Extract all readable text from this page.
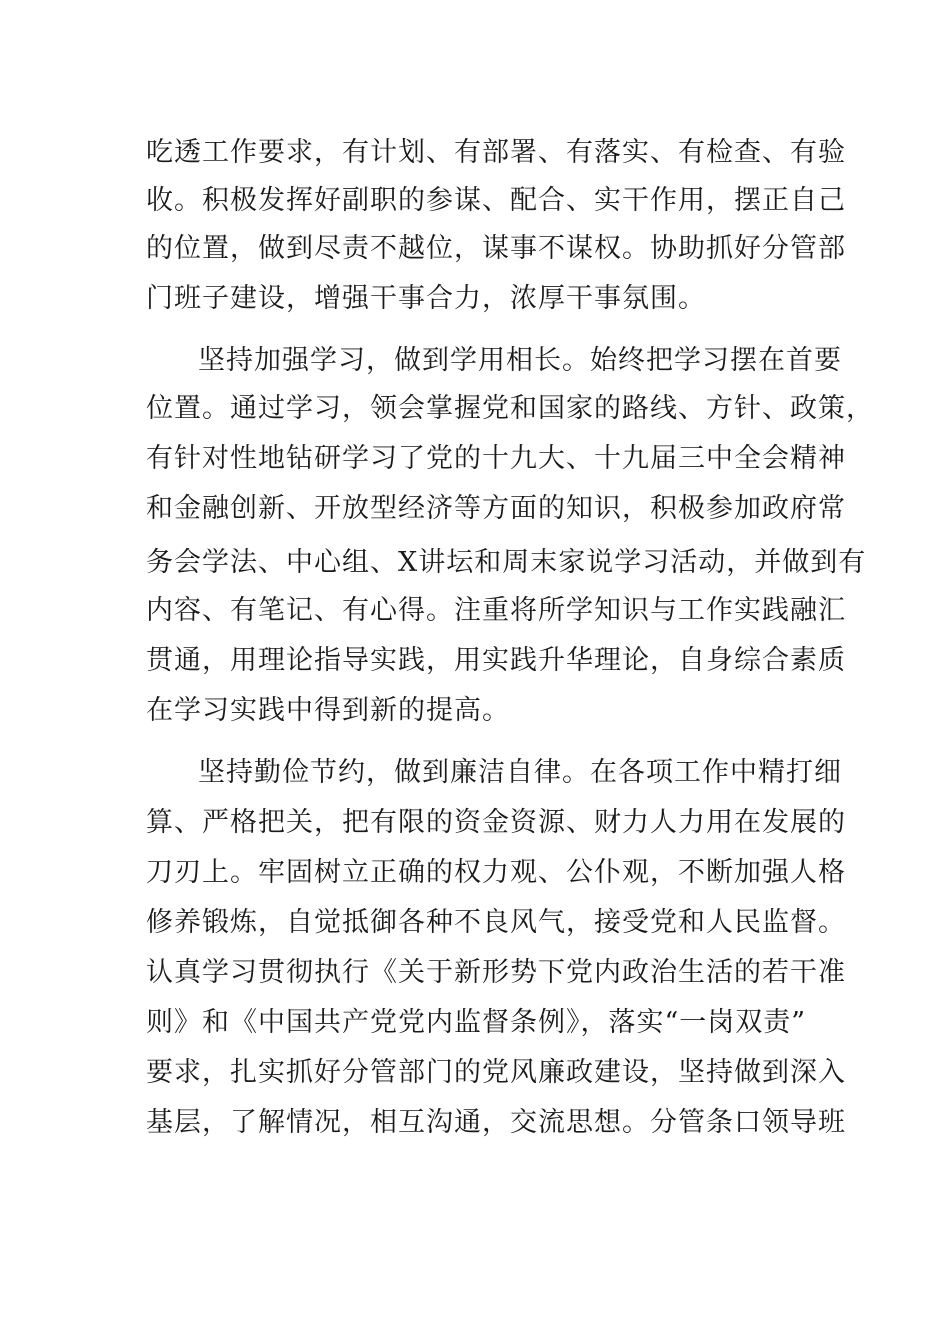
吃透工作要求，有计划、有部署、有落实、有检查、有验

收。积极发挥好副职的参谋、配合、实干作用，摆正自己

的位置，做到尽责不越位，谋事不谋权。协助抓好分管部

门班子建设，增强干事合力，浓厚干事氛围。

坚持加强学习，做到学用相长。始终把学习摆在首要

位置。通过学习，领会掌握党和国家的路线、方针、政策，

有针对性地钻研学习了党的十九大、十九届三中全会精神

和金融创新、开放型经济等方面的知识，积极参加政府常

务会学法、中心组、X讲坛和周末家说学习活动，并做到有

内容、有笔记、有心得。注重将所学知识与工作实践融汇

贯通，用理论指导实践，用实践升华理论，自身综合素质

在学习实践中得到新的提高。

坚持勤俭节约，做到廉洁自律。在各项工作中精打细

算、严格把关，把有限的资金资源、财力人力用在发展的

刀刃上。牢固树立正确的权力观、公仆观，不断加强人格

修养锻炼，自觉抵御各种不良风气，接受党和人民监督。

认真学习贯彻执行《关于新形势下党内政治生活的若干准

则》和《中国共产党党内监督条例》，落实“一岗双责”

要求，扎实抓好分管部门的党风廉政建设，坚持做到深入

基层，了解情况，相互沟通，交流思想。分管条口领导班
